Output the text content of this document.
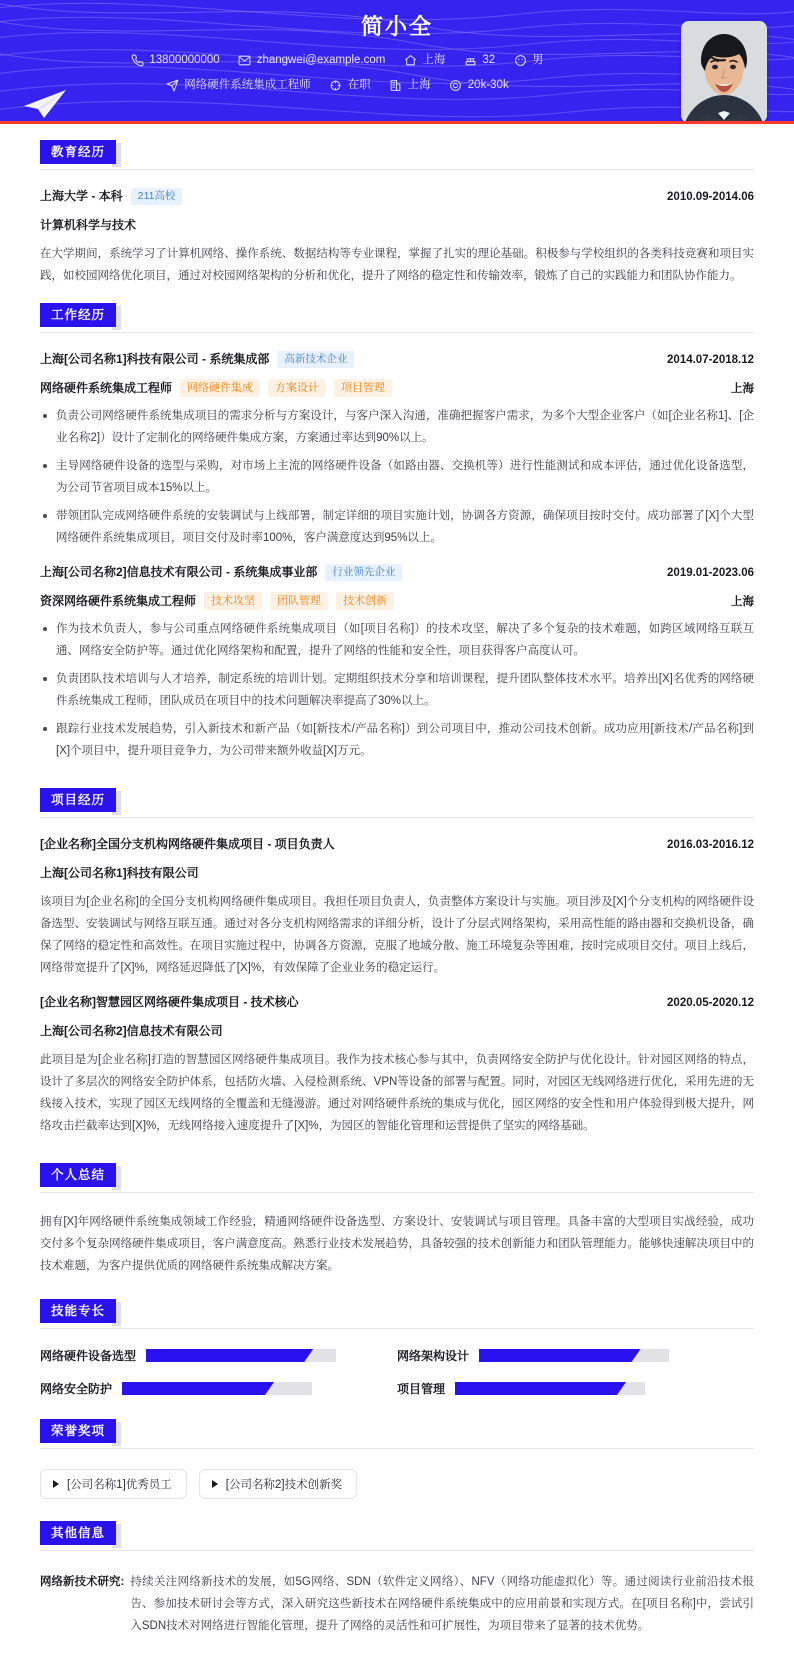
简小全
13800000000	zhangwei@example.com	上海	32	男
网络硬件系统集成工程师	在职	上海	20k-30k
教育经历
上海大学 - 本科	211高校	2010.09-2014.06
计算机科学与技术
在大学期间，系统学习了计算机网络、操作系统、数据结构等专业课程，掌握了扎实的理论基础。积极参与学校组织的各类科技竞赛和项目实践，如校园网络优化项目，通过对校园网络架构的分析和优化，提升了网络的稳定性和传输效率，锻炼了自己的实践能力和团队协作能力。
工作经历
上海[公司名称1]科技有限公司 - 系统集成部	高新技术企业	2014.07-2018.12
网络硬件系统集成工程师	网络硬件集成	方案设计	项目管理	上海
负责公司网络硬件系统集成项目的需求分析与方案设计，与客户深入沟通，准确把握客户需求，为多个大型企业客户（如[企业名称1]、[企业名称2]）设计了定制化的网络硬件集成方案，方案通过率达到90%以上。
主导网络硬件设备的选型与采购，对市场上主流的网络硬件设备（如路由器、交换机等）进行性能测试和成本评估，通过优化设备选型，为公司节省项目成本15%以上。
带领团队完成网络硬件系统的安装调试与上线部署，制定详细的项目实施计划，协调各方资源，确保项目按时交付。成功部署了[X]个大型网络硬件系统集成项目，项目交付及时率100%，客户满意度达到95%以上。
上海[公司名称2]信息技术有限公司 - 系统集成事业部	行业领先企业	2019.01-2023.06
资深网络硬件系统集成工程师	技术攻坚	团队管理	技术创新	上海
作为技术负责人，参与公司重点网络硬件系统集成项目（如[项目名称]）的技术攻坚，解决了多个复杂的技术难题，如跨区域网络互联互通、网络安全防护等。通过优化网络架构和配置，提升了网络的性能和安全性，项目获得客户高度认可。
负责团队技术培训与人才培养，制定系统的培训计划。定期组织技术分享和培训课程，提升团队整体技术水平。培养出[X]名优秀的网络硬件系统集成工程师，团队成员在项目中的技术问题解决率提高了30%以上。
跟踪行业技术发展趋势，引入新技术和新产品（如[新技术/产品名称]）到公司项目中，推动公司技术创新。成功应用[新技术/产品名称]到[X]个项目中，提升项目竞争力，为公司带来额外收益[X]万元。
项目经历
[企业名称]全国分支机构网络硬件集成项目 - 项目负责人	2016.03-2016.12
上海[公司名称1]科技有限公司
该项目为[企业名称]的全国分支机构网络硬件集成项目。我担任项目负责人，负责整体方案设计与实施。项目涉及[X]个分支机构的网络硬件设备选型、安装调试与网络互联互通。通过对各分支机构网络需求的详细分析，设计了分层式网络架构，采用高性能的路由器和交换机设备，确保了网络的稳定性和高效性。在项目实施过程中，协调各方资源，克服了地域分散、施工环境复杂等困难，按时完成项目交付。项目上线后，网络带宽提升了[X]%，网络延迟降低了[X]%，有效保障了企业业务的稳定运行。
[企业名称]智慧园区网络硬件集成项目 - 技术核心	2020.05-2020.12
上海[公司名称2]信息技术有限公司
此项目是为[企业名称]打造的智慧园区网络硬件集成项目。我作为技术核心参与其中，负责网络安全防护与优化设计。针对园区网络的特点，设计了多层次的网络安全防护体系，包括防火墙、入侵检测系统、VPN等设备的部署与配置。同时，对园区无线网络进行优化，采用先进的无线接入技术，实现了园区无线网络的全覆盖和无缝漫游。通过对网络硬件系统的集成与优化，园区网络的安全性和用户体验得到极大提升，网络攻击拦截率达到[X]%，无线网络接入速度提升了[X]%，为园区的智能化管理和运营提供了坚实的网络基础。
个人总结
拥有[X]年网络硬件系统集成领域工作经验，精通网络硬件设备选型、方案设计、安装调试与项目管理。具备丰富的大型项目实战经验，成功交付多个复杂网络硬件集成项目，客户满意度高。熟悉行业技术发展趋势，具备较强的技术创新能力和团队管理能力。能够快速解决项目中的技术难题，为客户提供优质的网络硬件系统集成解决方案。
技能专长
网络硬件设备选型	网络架构设计
网络安全防护	项目管理
荣誉奖项
[公司名称1]优秀员工	[公司名称2]技术创新奖
其他信息
网络新技术研究: 持续关注网络新技术的发展，如5G网络、SDN（软件定义网络）、NFV（网络功能虚拟化）等。通过阅读行业前沿技术报告、参加技术研讨会等方式，深入研究这些新技术在网络硬件系统集成中的应用前景和实现方式。在[项目名称]中，尝试引入SDN技术对网络进行智能化管理，提升了网络的灵活性和可扩展性，为项目带来了显著的技术优势。
